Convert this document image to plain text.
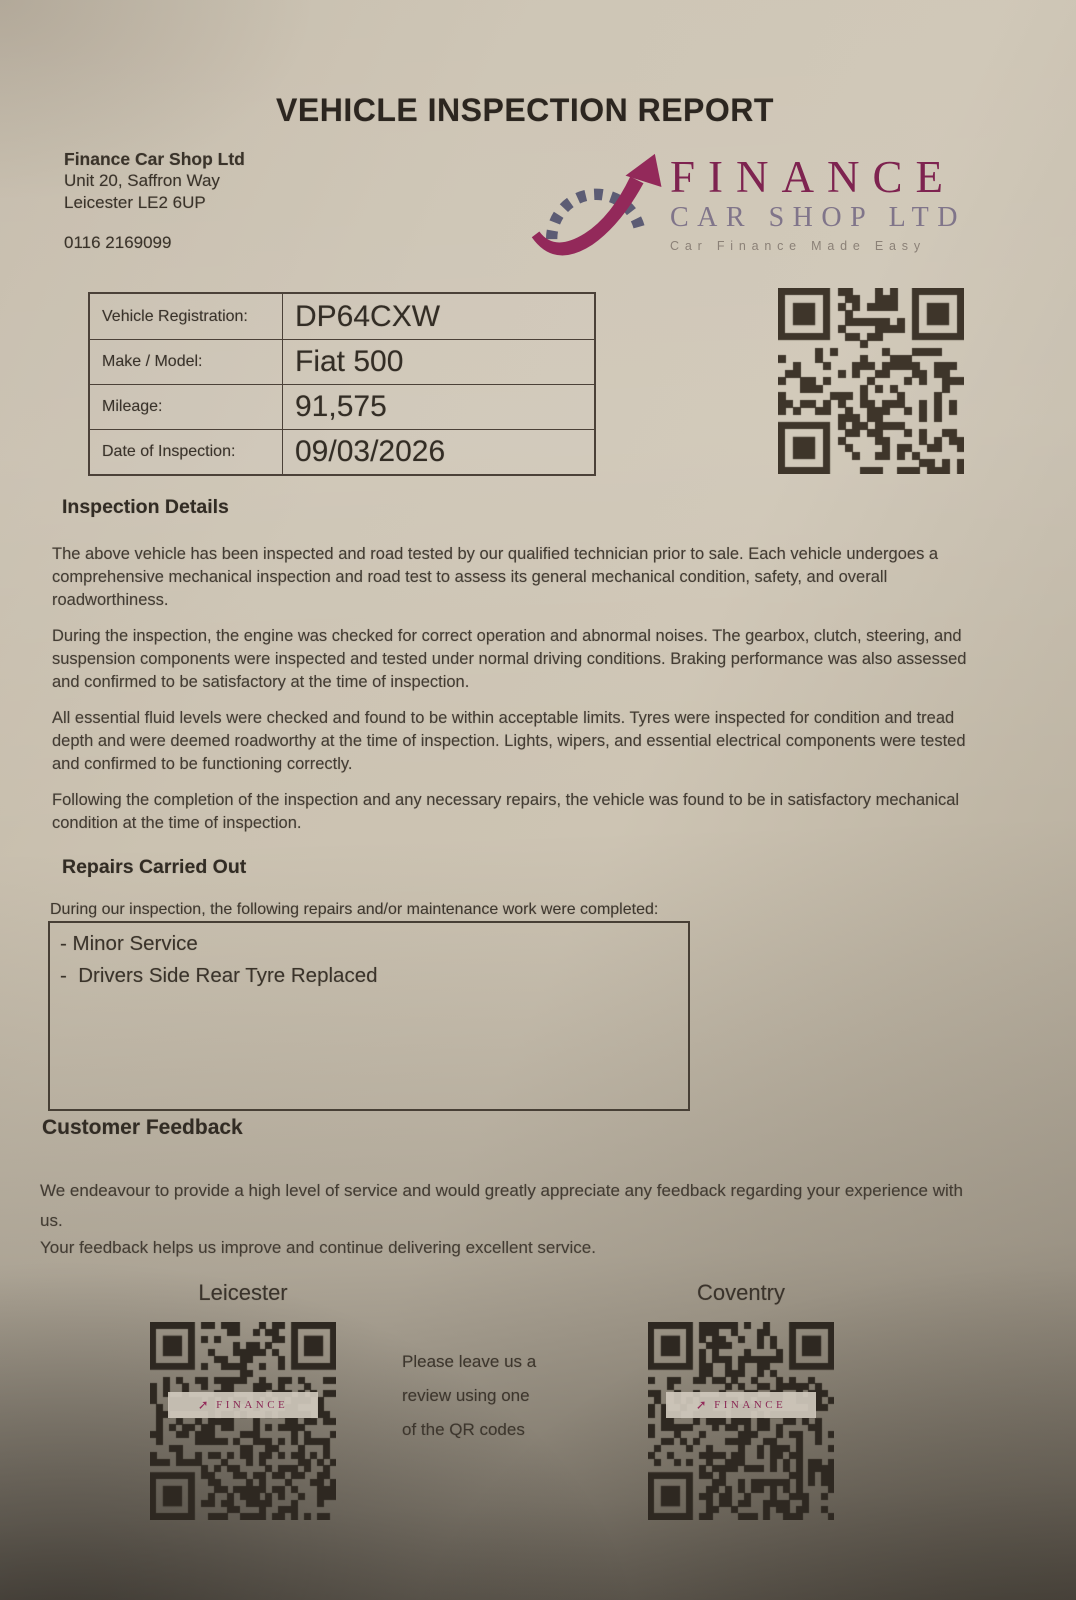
VEHICLE INSPECTION REPORT
Finance Car Shop Ltd
Unit 20, Saffron Way
Leicester LE2 6UP
0116 2169099
FINANCE
CAR SHOP LTD
Car Finance Made Easy
Vehicle Registration:	DP64CXW
Make / Model:	Fiat 500
Mileage:	91,575
Date of Inspection:	09/03/2026
Inspection Details

The above vehicle has been inspected and road tested by our qualified technician prior to sale. Each vehicle undergoes a comprehensive mechanical inspection and road test to assess its general mechanical condition, safety, and overall roadworthiness.

During the inspection, the engine was checked for correct operation and abnormal noises. The gearbox, clutch, steering, and suspension components were inspected and tested under normal driving conditions. Braking performance was also assessed and confirmed to be satisfactory at the time of inspection.

All essential fluid levels were checked and found to be within acceptable limits. Tyres were inspected for condition and tread depth and were deemed roadworthy at the time of inspection. Lights, wipers, and essential electrical components were tested and confirmed to be functioning correctly.

Following the completion of the inspection and any necessary repairs, the vehicle was found to be in satisfactory mechanical condition at the time of inspection.

Repairs Carried Out
During our inspection, the following repairs and/or maintenance work were completed:
- Minor Service
-  Drivers Side Rear Tyre Replaced
Customer Feedback
We endeavour to provide a high level of service and would greatly appreciate any feedback regarding your experience with us.
Your feedback helps us improve and continue delivering excellent service.
Leicester	Coventry
➚ FINANCE	➚ FINANCE
Please leave us a
review using one
of the QR codes
